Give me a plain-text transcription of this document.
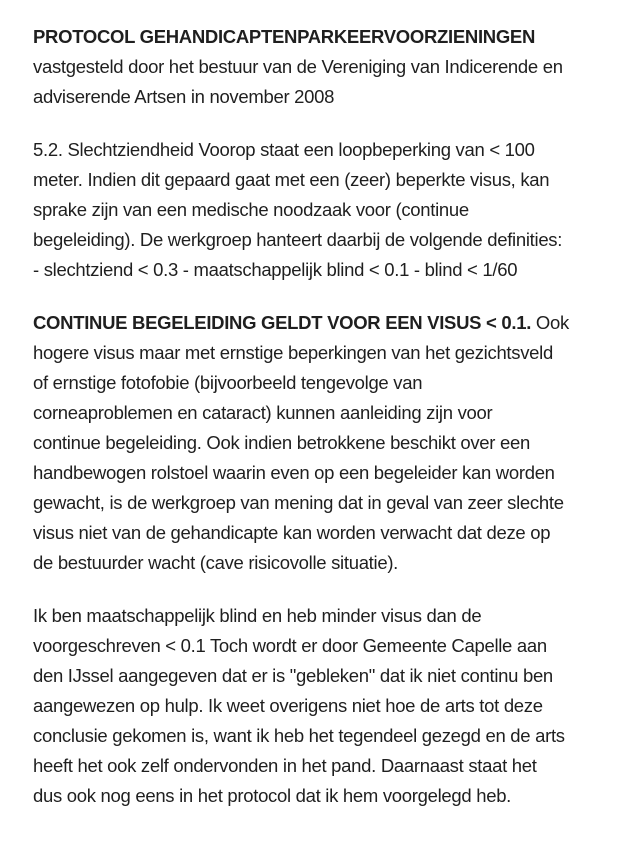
PROTOCOL GEHANDICAPTENPARKEERVOORZIENINGEN
vastgesteld door het bestuur van de Vereniging van Indicerende en
adviserende Artsen in november 2008
5.2. Slechtziendheid Voorop staat een loopbeperking van < 100
meter. Indien dit gepaard gaat met een (zeer) beperkte visus, kan
sprake zijn van een medische noodzaak voor (continue
begeleiding). De werkgroep hanteert daarbij de volgende definities:
- slechtziend < 0.3 - maatschappelijk blind < 0.1 - blind < 1/60
CONTINUE BEGELEIDING GELDT VOOR EEN VISUS < 0.1. Ook
hogere visus maar met ernstige beperkingen van het gezichtsveld
of ernstige fotofobie (bijvoorbeeld tengevolge van
corneaproblemen en cataract) kunnen aanleiding zijn voor
continue begeleiding. Ook indien betrokkene beschikt over een
handbewogen rolstoel waarin even op een begeleider kan worden
gewacht, is de werkgroep van mening dat in geval van zeer slechte
visus niet van de gehandicapte kan worden verwacht dat deze op
de bestuurder wacht (cave risicovolle situatie).
Ik ben maatschappelijk blind en heb minder visus dan de
voorgeschreven < 0.1 Toch wordt er door Gemeente Capelle aan
den IJssel aangegeven dat er is "gebleken" dat ik niet continu ben
aangewezen op hulp. Ik weet overigens niet hoe de arts tot deze
conclusie gekomen is, want ik heb het tegendeel gezegd en de arts
heeft het ook zelf ondervonden in het pand. Daarnaast staat het
dus ook nog eens in het protocol dat ik hem voorgelegd heb.
